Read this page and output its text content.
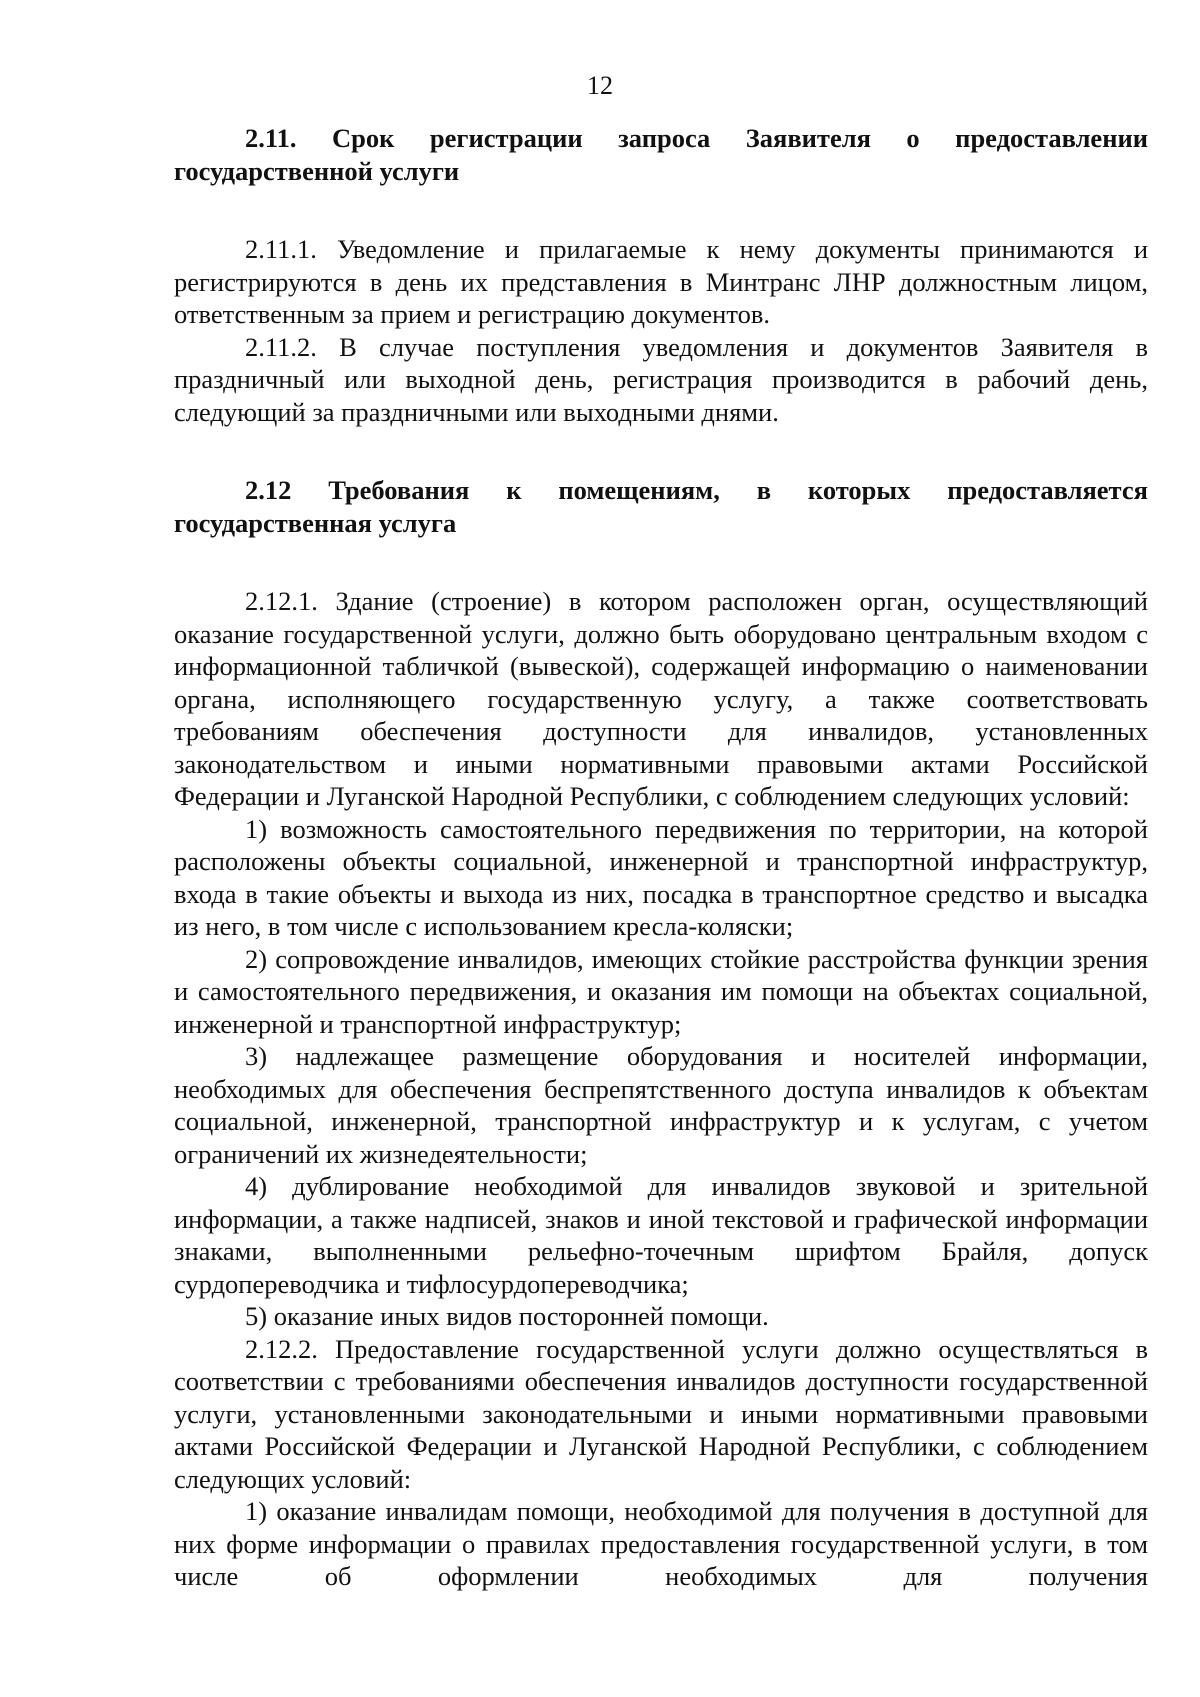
12

2.11. Срок регистрации запроса Заявителя о предоставлении государственной услуги

2.11.1. Уведомление и прилагаемые к нему документы принимаются и регистрируются в день их представления в Минтранс ЛНР должностным лицом, ответственным за прием и регистрацию документов.

2.11.2. В случае поступления уведомления и документов Заявителя в праздничный или выходной день, регистрация производится в рабочий день, следующий за праздничными или выходными днями.

2.12 Требования к помещениям, в которых предоставляется государственная услуга

2.12.1. Здание (строение) в котором расположен орган, осуществляющий оказание государственной услуги, должно быть оборудовано центральным входом с информационной табличкой (вывеской), содержащей информацию о наименовании органа, исполняющего государственную услугу, а также соответствовать требованиям обеспечения доступности для инвалидов, установленных законодательством и иными нормативными правовыми актами Российской Федерации и Луганской Народной Республики, с соблюдением следующих условий:

1) возможность самостоятельного передвижения по территории, на которой расположены объекты социальной, инженерной и транспортной инфраструктур, входа в такие объекты и выхода из них, посадка в транспортное средство и высадка из него, в том числе с использованием кресла-коляски;

2) сопровождение инвалидов, имеющих стойкие расстройства функции зрения и самостоятельного передвижения, и оказания им помощи на объектах социальной, инженерной и транспортной инфраструктур;

3) надлежащее размещение оборудования и носителей информации, необходимых для обеспечения беспрепятственного доступа инвалидов к объектам социальной, инженерной, транспортной инфраструктур и к услугам, с учетом ограничений их жизнедеятельности;

4) дублирование необходимой для инвалидов звуковой и зрительной информации, а также надписей, знаков и иной текстовой и графической информации знаками, выполненными рельефно-точечным шрифтом Брайля, допуск сурдопереводчика и тифлосурдопереводчика;

5) оказание иных видов посторонней помощи.

2.12.2. Предоставление государственной услуги должно осуществляться в соответствии с требованиями обеспечения инвалидов доступности государственной услуги, установленными законодательными и иными нормативными правовыми актами Российской Федерации и Луганской Народной Республики, с соблюдением следующих условий:

1) оказание инвалидам помощи, необходимой для получения в доступной для них форме информации о правилах предоставления государственной услуги, в том числе об оформлении необходимых для получения
